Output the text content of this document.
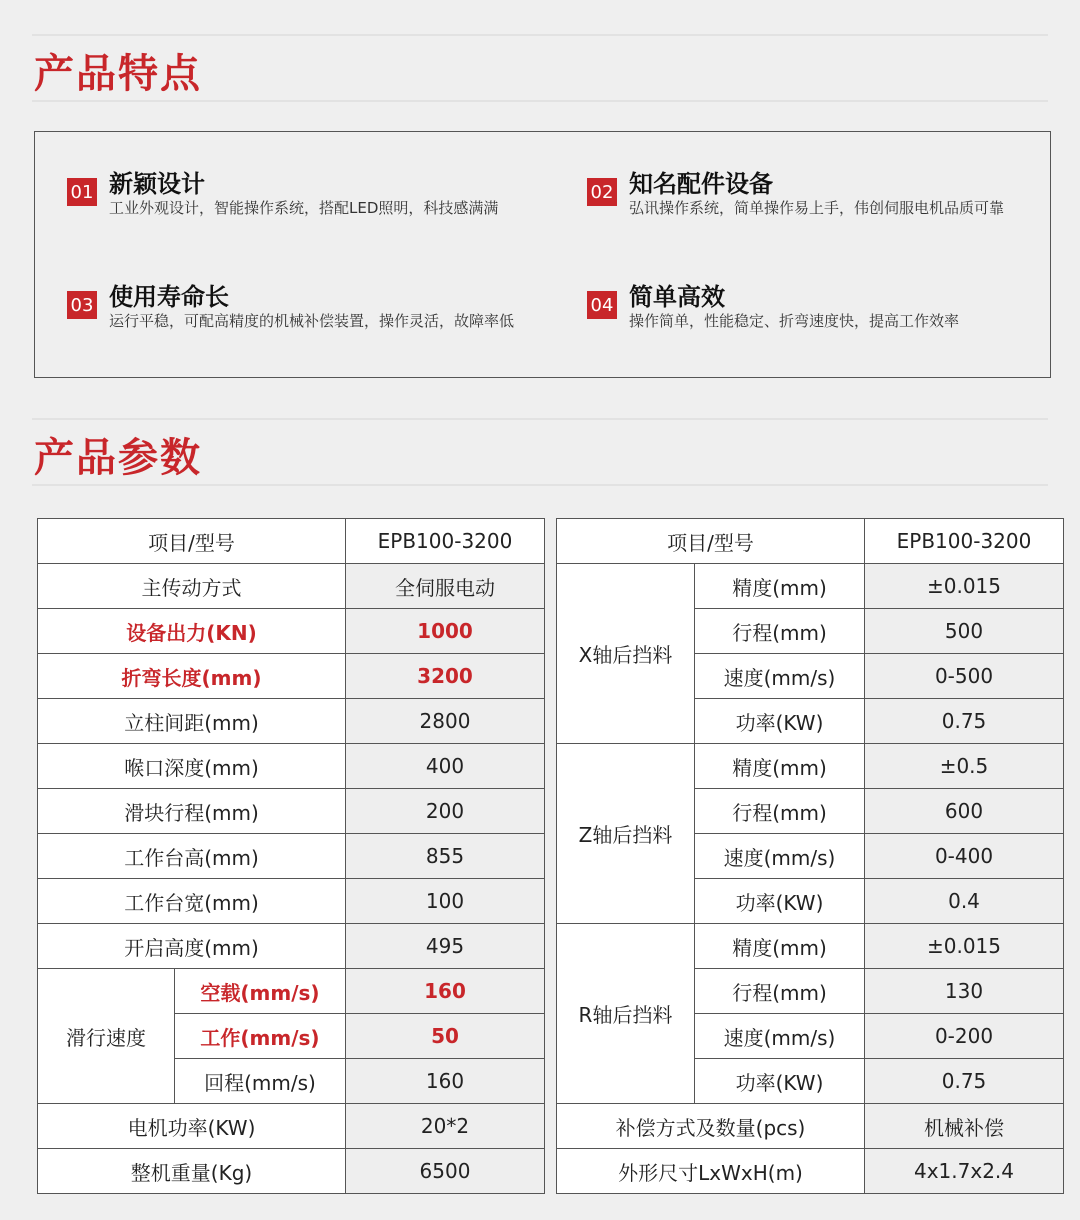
产品特点
01 新颖设计
工业外观设计，智能操作系统，搭配LED照明，科技感满满
02 知名配件设备
弘讯操作系统，简单操作易上手，伟创伺服电机品质可靠
03 使用寿命长
运行平稳，可配高精度的机械补偿装置，操作灵活，故障率低
04 简单高效
操作简单，性能稳定、折弯速度快，提高工作效率
产品参数
项目/型号		EPB100-3200
主传动方式		全伺服电动
设备出力(KN)		1000
折弯长度(mm)		3200
立柱间距(mm)		2800
喉口深度(mm)		400
滑块行程(mm)		200
工作台高(mm)		855
工作台宽(mm)		100
开启高度(mm)		495
滑行速度	空载(mm/s)	160
	工作(mm/s)	50
	回程(mm/s)	160
电机功率(KW)		20*2
整机重量(Kg)		6500
项目/型号		EPB100-3200
X轴后挡料	精度(mm)	±0.015
	行程(mm)	500
	速度(mm/s)	0-500
	功率(KW)	0.75
Z轴后挡料	精度(mm)	±0.5
	行程(mm)	600
	速度(mm/s)	0-400
	功率(KW)	0.4
R轴后挡料	精度(mm)	±0.015
	行程(mm)	130
	速度(mm/s)	0-200
	功率(KW)	0.75
补偿方式及数量(pcs)		机械补偿
外形尺寸LxWxH(m)		4x1.7x2.4
